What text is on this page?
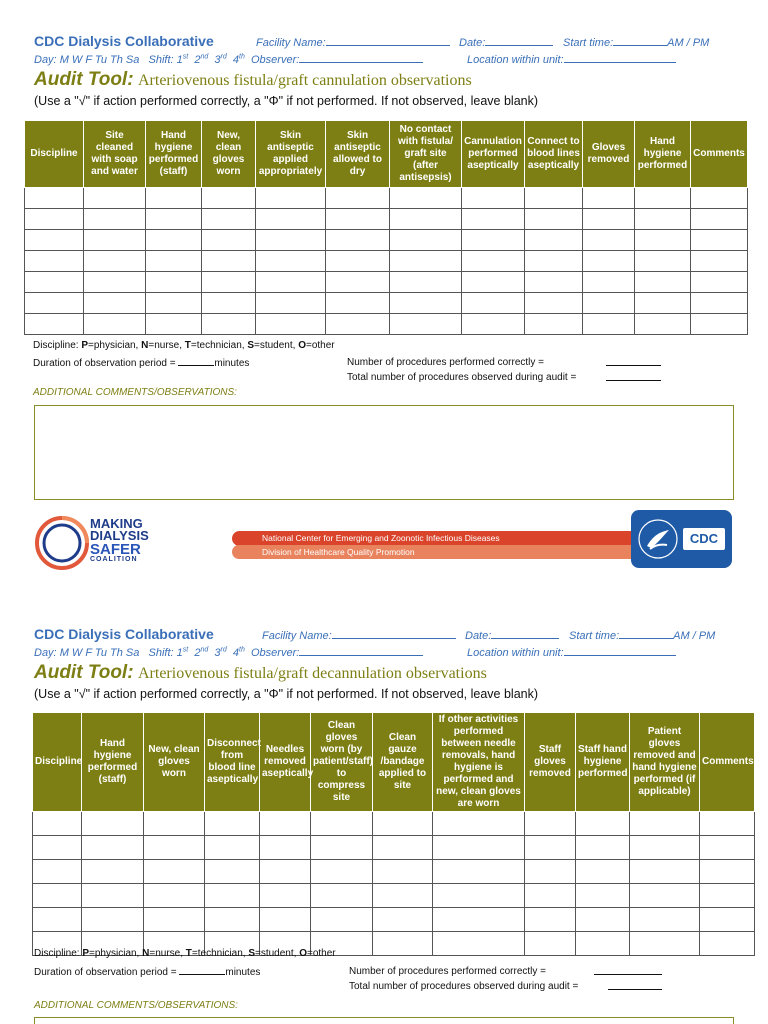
CDC Dialysis Collaborative	Facility Name:	Date:	Start time:	AM / PM
Day: M W F Tu Th Sa Shift: 1st 2nd 3rd 4th Observer:	Location within unit:
Audit Tool: Arteriovenous fistula/graft cannulation observations
(Use a "√" if action performed correctly, a "Φ" if not performed. If not observed, leave blank)
Discipline	Site cleaned with soap and water	Hand hygiene performed (staff)	New, clean gloves worn	Skin antiseptic applied appropriately	Skin antiseptic allowed to dry	No contact with fistula/ graft site (after antisepsis)	Cannulation performed aseptically	Connect to blood lines aseptically	Gloves removed	Hand hygiene performed	Comments

Discipline: P=physician, N=nurse, T=technician, S=student, O=other
Duration of observation period =	minutes	Number of procedures performed correctly =
Total number of procedures observed during audit =
ADDITIONAL COMMENTS/OBSERVATIONS:
MAKING
DIALYSIS
SAFER
COALITION
National Center for Emerging and Zoonotic Infectious Diseases
Division of Healthcare Quality Promotion
CDC
CDC Dialysis Collaborative	Facility Name:	Date:	Start time:	AM / PM
Day: M W F Tu Th Sa Shift: 1st 2nd 3rd 4th Observer:	Location within unit:
Audit Tool: Arteriovenous fistula/graft decannulation observations
(Use a "√" if action performed correctly, a "Φ" if not performed. If not observed, leave blank)
Discipline	Hand hygiene performed (staff)	New, clean gloves worn	Disconnect from blood line aseptically	Needles removed aseptically	Clean gloves worn (by patient/staff) to compress site	Clean gauze /bandage applied to site	If other activities performed between needle removals, hand hygiene is performed and new, clean gloves are worn	Staff gloves removed	Staff hand hygiene performed	Patient gloves removed and hand hygiene performed (if applicable)	Comments

Discipline: P=physician, N=nurse, T=technician, S=student, O=other
Duration of observation period =	minutes	Number of procedures performed correctly =
Total number of procedures observed during audit =
ADDITIONAL COMMENTS/OBSERVATIONS:
